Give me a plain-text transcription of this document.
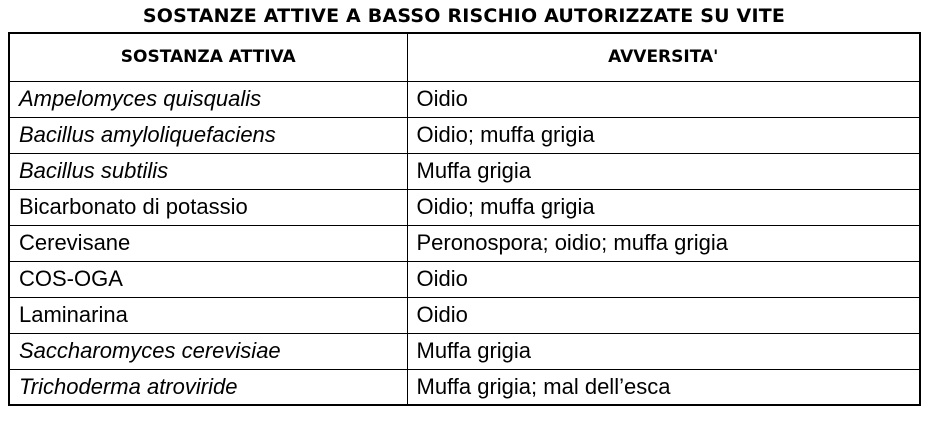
SOSTANZE ATTIVE A BASSO RISCHIO AUTORIZZATE SU VITE
SOSTANZA ATTIVA	AVVERSITA'
Ampelomyces quisqualis	Oidio
Bacillus amyloliquefaciens	Oidio; muffa grigia
Bacillus subtilis	Muffa grigia
Bicarbonato di potassio	Oidio; muffa grigia
Cerevisane	Peronospora; oidio; muffa grigia
COS-OGA	Oidio
Laminarina	Oidio
Saccharomyces cerevisiae	Muffa grigia
Trichoderma atroviride	Muffa grigia; mal dell’esca
